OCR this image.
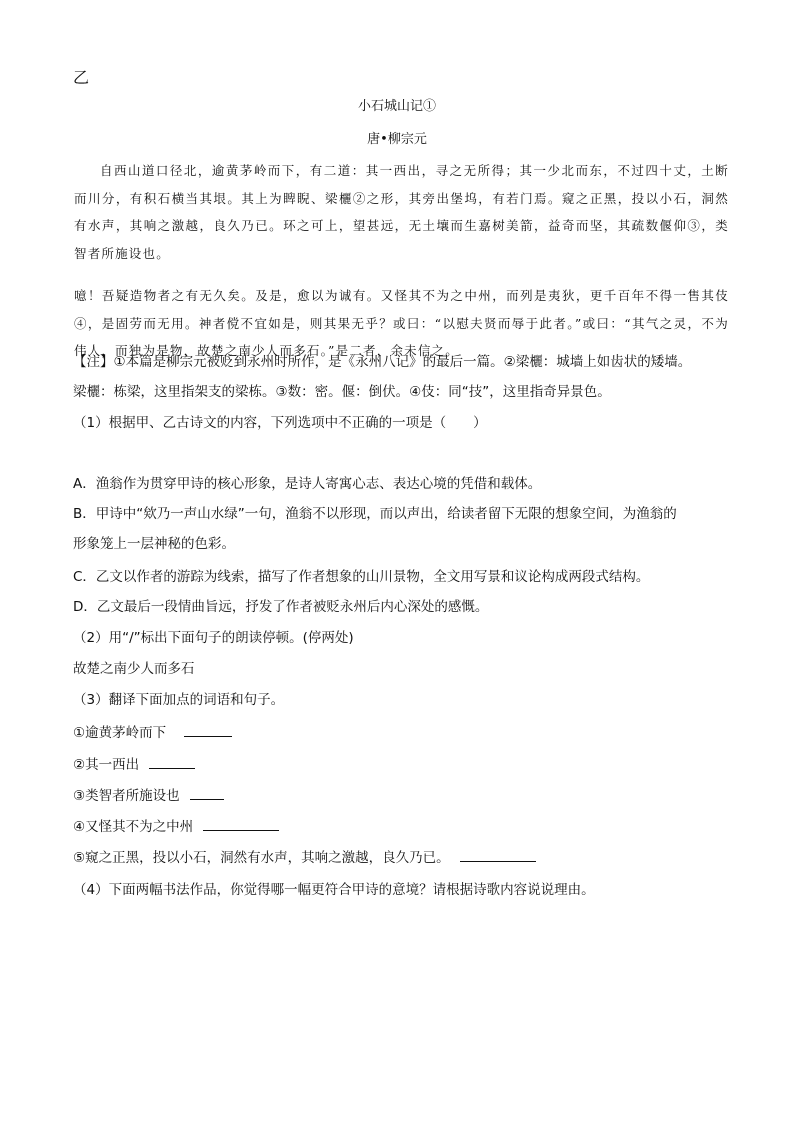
乙
小石城山记①
唐•柳宗元
自西山道口径北，逾黄茅岭而下，有二道：其一西出，寻之无所得；其一少北而东，不过四十丈，土断而川分，有积石横当其垠。其上为睥睨、梁欐②之形，其旁出堡坞，有若门焉。窥之正黑，投以小石，洞然有水声，其响之激越，良久乃已。环之可上，望甚远，无土壤而生嘉树美箭，益奇而坚，其疏数偃仰③，类智者所施设也。
噫！吾疑造物者之有无久矣。及是，愈以为诚有。又怪其不为之中州，而列是夷狄，更千百年不得一售其伎④，是固劳而无用。神者傥不宜如是，则其果无乎？或曰：“以慰夫贤而辱于此者。”或曰：“其气之灵，不为伟人，而独为是物，故楚之南少人而多石。”是二者，余未信之。
【注】①本篇是柳宗元被贬到永州时所作，是《永州八记》的最后一篇。②梁欐：城墙上如齿状的矮墙。
梁欐：栋梁，这里指架支的梁栋。③数：密。偃：倒伏。④伎：同“技”，这里指奇异景色。
（1）根据甲、乙古诗文的内容，下列选项中不正确的一项是（　　）
A．渔翁作为贯穿甲诗的核心形象，是诗人寄寓心志、表达心境的凭借和载体。
B．甲诗中“欸乃一声山水绿”一句，渔翁不以形现，而以声出，给读者留下无限的想象空间，为渔翁的
形象笼上一层神秘的色彩。
C．乙文以作者的游踪为线索，描写了作者想象的山川景物，全文用写景和议论构成两段式结构。
D．乙文最后一段情曲旨远，抒发了作者被贬永州后内心深处的感慨。
（2）用“/”标出下面句子的朗读停顿。(停两处)
故楚之南少人而多石
（3）翻译下面加点的词语和句子。
①逾黄茅岭而下
②其一西出
③类智者所施设也
④又怪其不为之中州
⑤窥之正黑，投以小石，洞然有水声，其响之激越，良久乃已。
（4）下面两幅书法作品，你觉得哪一幅更符合甲诗的意境？请根据诗歌内容说说理由。
